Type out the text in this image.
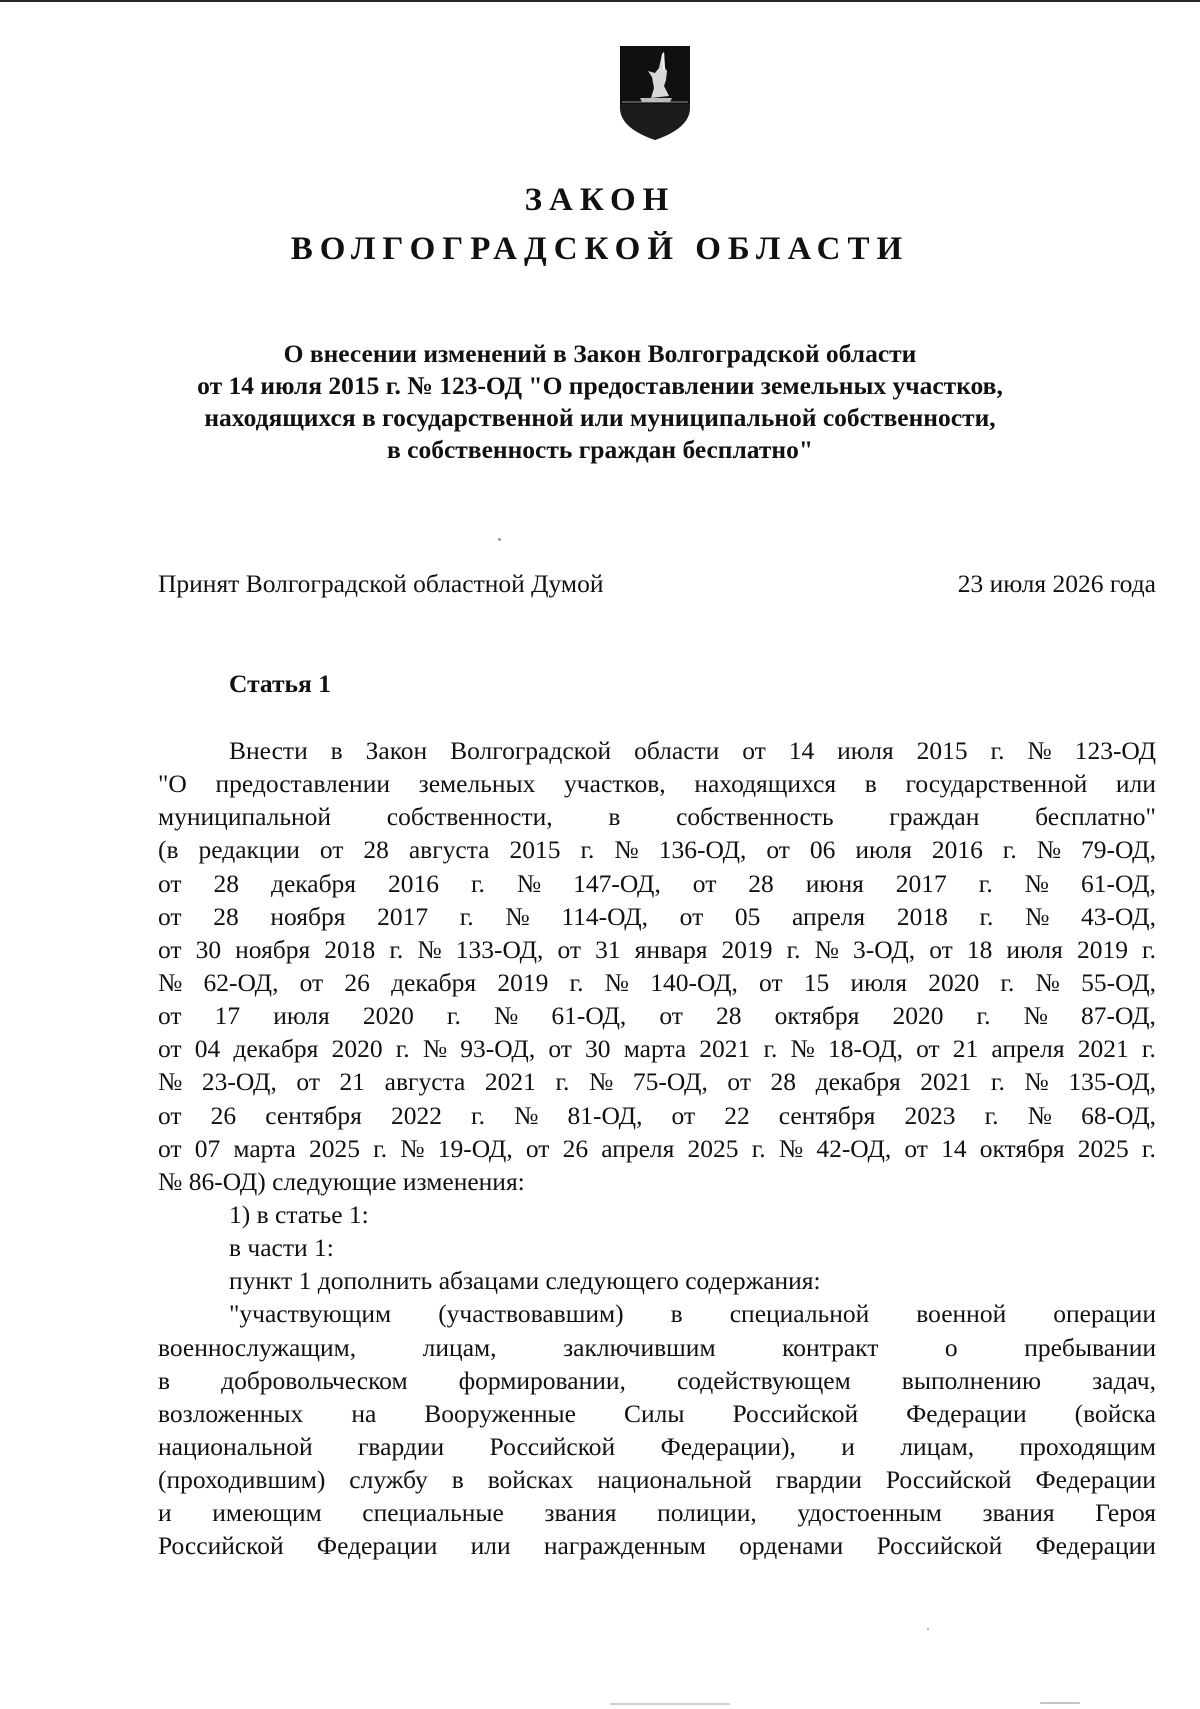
ЗАКОН
ВОЛГОГРАДСКОЙ ОБЛАСТИ
О внесении изменений в Закон Волгоградской области
от 14 июля 2015 г. № 123-ОД "О предоставлении земельных участков,
находящихся в государственной или муниципальной собственности,
в собственность граждан бесплатно"
Принят Волгоградской областной Думой	23 июля 2026 года
Статья 1
Внести в Закон Волгоградской области от 14 июля 2015 г. № 123-ОД
"О предоставлении земельных участков, находящихся в государственной или
муниципальной собственности, в собственность граждан бесплатно"
(в редакции от 28 августа 2015 г. № 136-ОД, от 06 июля 2016 г. № 79-ОД,
от 28 декабря 2016 г. № 147-ОД, от 28 июня 2017 г. № 61-ОД,
от 28 ноября 2017 г. № 114-ОД, от 05 апреля 2018 г. № 43-ОД,
от 30 ноября 2018 г. № 133-ОД, от 31 января 2019 г. № 3-ОД, от 18 июля 2019 г.
№ 62-ОД, от 26 декабря 2019 г. № 140-ОД, от 15 июля 2020 г. № 55-ОД,
от 17 июля 2020 г. № 61-ОД, от 28 октября 2020 г. № 87-ОД,
от 04 декабря 2020 г. № 93-ОД, от 30 марта 2021 г. № 18-ОД, от 21 апреля 2021 г.
№ 23-ОД, от 21 августа 2021 г. № 75-ОД, от 28 декабря 2021 г. № 135-ОД,
от 26 сентября 2022 г. № 81-ОД, от 22 сентября 2023 г. № 68-ОД,
от 07 марта 2025 г. № 19-ОД, от 26 апреля 2025 г. № 42-ОД, от 14 октября 2025 г.
№ 86-ОД) следующие изменения:
1) в статье 1:
в части 1:
пункт 1 дополнить абзацами следующего содержания:
"участвующим (участвовавшим) в специальной военной операции
военнослужащим,	лицам,	заключившим	контракт	о	пребывании
в добровольческом формировании, содействующем выполнению задач,
возложенных на Вооруженные Силы Российской Федерации (войска
национальной гвардии Российской Федерации), и лицам, проходящим
(проходившим) службу в войсках национальной гвардии Российской Федерации
и имеющим специальные звания полиции, удостоенным звания Героя
Российской Федерации или награжденным орденами Российской Федерации
